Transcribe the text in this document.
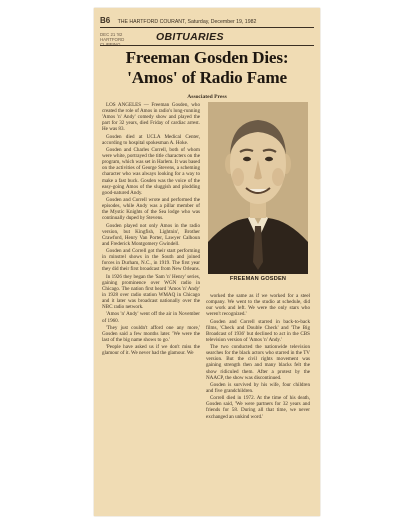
B6 THE HARTFORD COURANT, Saturday, December 19, 1982
DEC 21 '82 HARTFORD	OBITUARIES
Freeman Gosden Dies: 'Amos' of Radio Fame
Associated Press

LOS ANGELES — Freeman Gosden, who created the role of Amos in radio's long-running 'Amos 'n' Andy' comedy show and played the part for 32 years, died Friday of cardiac arrest. He was 83.

Gosden died at UCLA Medical Center, according to hospital spokesman A. Hoke.

Gosden and Charles Correll, both of whom were white, portrayed the title characters on the program, which was set in Harlem. It was based on the activities of George Stevens, a scheming character who was always looking for a way to make a fast buck. Gosden was the voice of the easy-going Amos of the sluggish and plodding good-natured Andy.

Gosden and Correll wrote and performed the episodes, while Andy was a pillar member of the Mystic Knights of the Sea lodge who was continually duped by Stevens.

Gosden played not only Amos in the radio version, but Kingfish, Lightnin', Brother Crawford, Henry Van Porter, Lawyer Calhoun and Frederick Montgomery Gwindell.

Gosden and Correll got their start performing in minstrel shows in the South and joined forces in Durham, N.C., in 1919. The first year they did their first broadcast from New Orleans.

In 1926 they began the 'Sam 'n' Henry' series, gaining prominence over WGN radio in Chicago. The nation first heard 'Amos 'n' Andy' in 1928 over radio station WMAQ in Chicago and it later was broadcast nationally over the NBC radio network.

'Amos 'n' Andy' went off the air in November of 1960.

'They just couldn't afford one any more,' Gosden said a few months later. 'We were the last of the big name shows to go.'

'People have asked us if we don't miss the glamour of it. We never had the glamour. We

FREEMAN GOSDEN

worked the same as if we worked for a steel company. We went to the studio at schedule, did our work and left. We were the only stars who weren't recognized.'

Gosden and Correll starred in back-to-back films, 'Check and Double Check' and 'The Big Broadcast of 1936' but declined to act in the CBS television version of 'Amos 'n' Andy.'

The two conducted the nationwide television searches for the black actors who starred in the TV version. But the civil rights movement was gaining strength then and many blacks felt the show ridiculed them. After a protest by the NAACP, the show was discontinued.

Gosden is survived by his wife, four children and five grandchildren.

Correll died in 1972. At the time of his death, Gosden said, 'We were partners for 32 years and friends for 58. During all that time, we never exchanged an unkind word.'
